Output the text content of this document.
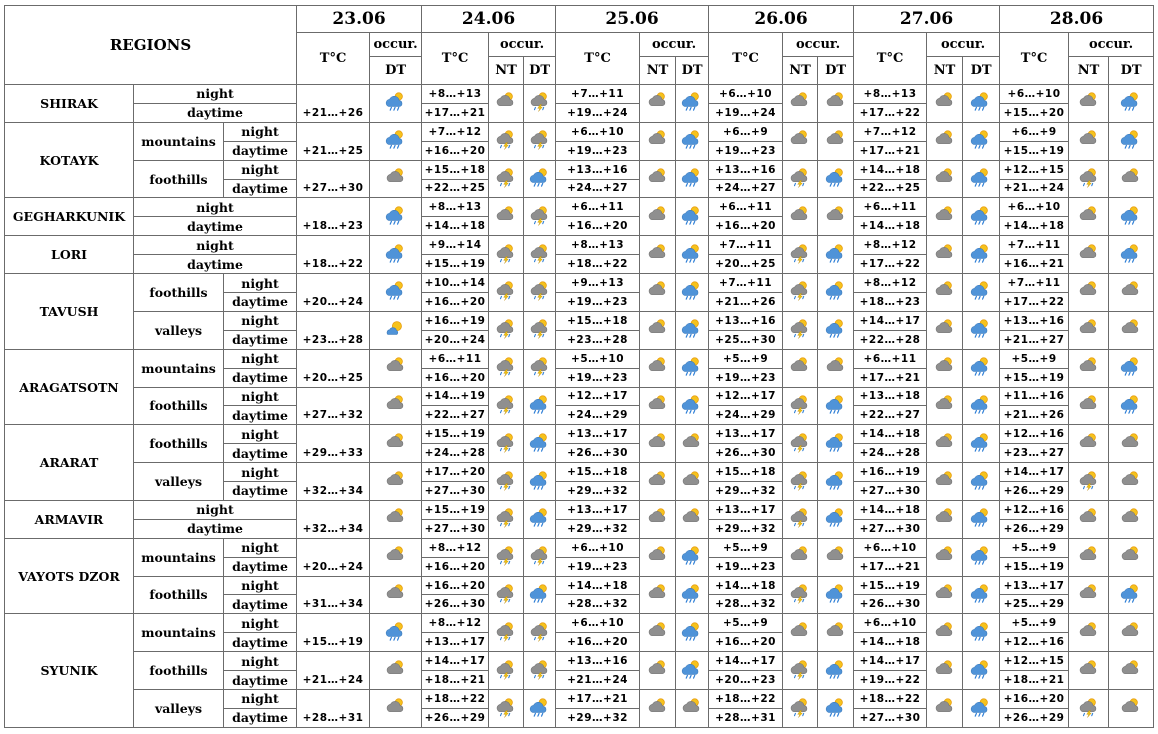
REGIONS			23.06		24.06			25.06			26.06			27.06			28.06		
			T°C	occur.	T°C	occur.		T°C	occur.		T°C	occur.		T°C	occur.		T°C	occur.	
				DT		NT	DT		NT	DT		NT	DT		NT	DT		NT	DT
SHIRAK	night		+21…+26		+8…+13			+7…+11			+6…+10			+8…+13			+6…+10		
	daytime				+17…+21			+19…+24			+19…+24			+17…+22			+15…+20		
KOTAYK	mountains	night	+21…+25		+7…+12			+6…+10			+6…+9			+7…+12			+6…+9		
		daytime			+16…+20			+19…+23			+19…+23			+17…+21			+15…+19		
	foothills	night	+27…+30		+15…+18			+13…+16			+13…+16			+14…+18			+12…+15		
		daytime			+22…+25			+24…+27			+24…+27			+22…+25			+21…+24		
GEGHARKUNIK	night		+18…+23		+8…+13			+6…+11			+6…+11			+6…+11			+6…+10		
	daytime				+14…+18			+16…+20			+16…+20			+14…+18			+14…+18		
LORI	night		+18…+22		+9…+14			+8…+13			+7…+11			+8…+12			+7…+11		
	daytime				+15…+19			+18…+22			+20…+25			+17…+22			+16…+21		
TAVUSH	foothills	night	+20…+24		+10…+14			+9…+13			+7…+11			+8…+12			+7…+11		
		daytime			+16…+20			+19…+23			+21…+26			+18…+23			+17…+22		
	valleys	night	+23…+28		+16…+19			+15…+18			+13…+16			+14…+17			+13…+16		
		daytime			+20…+24			+23…+28			+25…+30			+22…+28			+21…+27		
ARAGATSOTN	mountains	night	+20…+25		+6…+11			+5…+10			+5…+9			+6…+11			+5…+9		
		daytime			+16…+20			+19…+23			+19…+23			+17…+21			+15…+19		
	foothills	night	+27…+32		+14…+19			+12…+17			+12…+17			+13…+18			+11…+16		
		daytime			+22…+27			+24…+29			+24…+29			+22…+27			+21…+26		
ARARAT	foothills	night	+29…+33		+15…+19			+13…+17			+13…+17			+14…+18			+12…+16		
		daytime			+24…+28			+26…+30			+26…+30			+24…+28			+23…+27		
	valleys	night	+32…+34		+17…+20			+15…+18			+15…+18			+16…+19			+14…+17		
		daytime			+27…+30			+29…+32			+29…+32			+27…+30			+26…+29		
ARMAVIR	night		+32…+34		+15…+19			+13…+17			+13…+17			+14…+18			+12…+16		
	daytime				+27…+30			+29…+32			+29…+32			+27…+30			+26…+29		
VAYOTS DZOR	mountains	night	+20…+24		+8…+12			+6…+10			+5…+9			+6…+10			+5…+9		
		daytime			+16…+20			+19…+23			+19…+23			+17…+21			+15…+19		
	foothills	night	+31…+34		+16…+20			+14…+18			+14…+18			+15…+19			+13…+17		
		daytime			+26…+30			+28…+32			+28…+32			+26…+30			+25…+29		
SYUNIK	mountains	night	+15…+19		+8…+12			+6…+10			+5…+9			+6…+10			+5…+9		
		daytime			+13…+17			+16…+20			+16…+20			+14…+18			+12…+16		
	foothills	night	+21…+24		+14…+17			+13…+16			+14…+17			+14…+17			+12…+15		
		daytime			+18…+21			+21…+24			+20…+23			+19…+22			+18…+21		
	valleys	night	+28…+31		+18…+22			+17…+21			+18…+22			+18…+22			+16…+20		
		daytime			+26…+29			+29…+32			+28…+31			+27…+30			+26…+29		
